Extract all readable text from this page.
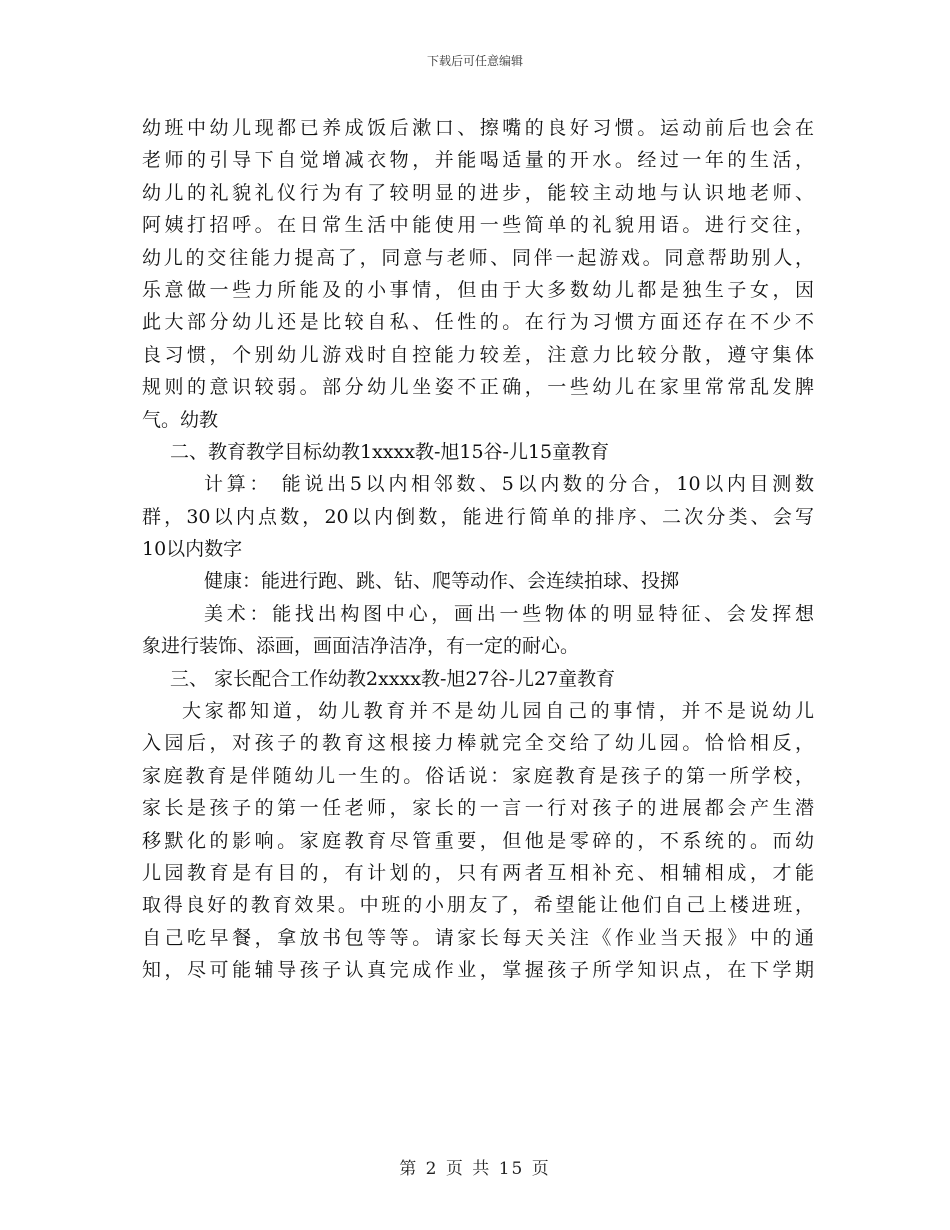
下载后可任意编辑
幼班中幼儿现都已养成饭后漱口、擦嘴的良好习惯。运动前后也会在
老师的引导下自觉增减衣物，并能喝适量的开水。经过一年的生活，
幼儿的礼貌礼仪行为有了较明显的进步，能较主动地与认识地老师、
阿姨打招呼。在日常生活中能使用一些简单的礼貌用语。进行交往，
幼儿的交往能力提高了，同意与老师、同伴一起游戏。同意帮助别人，
乐意做一些力所能及的小事情，但由于大多数幼儿都是独生子女，因
此大部分幼儿还是比较自私、任性的。在行为习惯方面还存在不少不
良习惯，个别幼儿游戏时自控能力较差，注意力比较分散，遵守集体
规则的意识较弱。部分幼儿坐姿不正确，一些幼儿在家里常常乱发脾
气。幼教
二、教育教学目标幼教1xxxx教-旭15谷-儿15童教育
计算： 能说出5以内相邻数、5以内数的分合，10以内目测数
群，30以内点数，20以内倒数，能进行简单的排序、二次分类、会写
10以内数字
健康：能进行跑、跳、钻、爬等动作、会连续拍球、投掷
美术：能找出构图中心，画出一些物体的明显特征、会发挥想
象进行装饰、添画，画面洁净洁净，有一定的耐心。
三、 家长配合工作幼教2xxxx教-旭27谷-儿27童教育
大家都知道，幼儿教育并不是幼儿园自己的事情，并不是说幼儿
入园后，对孩子的教育这根接力棒就完全交给了幼儿园。恰恰相反，
家庭教育是伴随幼儿一生的。俗话说：家庭教育是孩子的第一所学校，
家长是孩子的第一任老师，家长的一言一行对孩子的进展都会产生潜
移默化的影响。家庭教育尽管重要，但他是零碎的，不系统的。而幼
儿园教育是有目的，有计划的，只有两者互相补充、相辅相成，才能
取得良好的教育效果。中班的小朋友了，希望能让他们自己上楼进班，
自己吃早餐，拿放书包等等。请家长每天关注《作业当天报》中的通
知，尽可能辅导孩子认真完成作业，掌握孩子所学知识点，在下学期
第 2 页 共 15 页
